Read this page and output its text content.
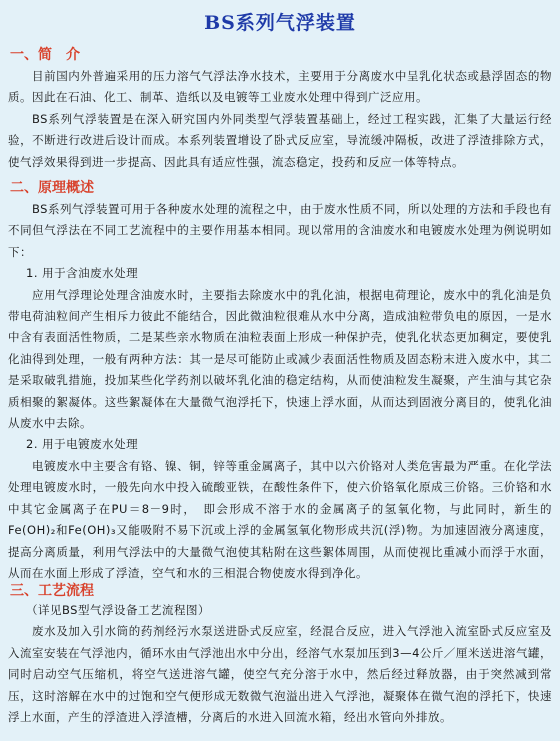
BS系列气浮装置
一、简　介

目前国内外普遍采用的压力溶气气浮法净水技术，主要用于分离废水中呈乳化状态或悬浮固态的物质。因此在石油、化工、制革、造纸以及电镀等工业废水处理中得到广泛应用。

BS系列气浮装置是在深入研究国内外同类型气浮装置基础上，经过工程实践，汇集了大量运行经验，不断进行改进后设计而成。本系列装置增设了卧式反应室，导流缓冲隔板，改进了浮渣排除方式，使气浮效果得到进一步提高、因此具有适应性强，流态稳定，投药和反应一体等特点。

二、原理概述

BS系列气浮装置可用于各种废水处理的流程之中，由于废水性质不同，所以处理的方法和手段也有不同但气浮法在不同工艺流程中的主要作用基本相同。现以常用的含油废水和电镀废水处理为例说明如下：

1. 用于含油废水处理

应用气浮理论处理含油废水时，主要指去除废水中的乳化油，根据电荷理论，废水中的乳化油是负带电荷油粒间产生相斥力彼此不能结合，因此微油粒很难从水中分离，造成油粒带负电的原因，一是水中含有表面活性物质，二是某些亲水物质在油粒表面上形成一种保护壳，使乳化状态更加稠定，要使乳化油得到处理，一般有两种方法：其一是尽可能防止或减少表面活性物质及固态粉末进入废水中，其二是采取破乳措施，投加某些化学药剂以破坏乳化油的稳定结构，从而使油粒发生凝聚，产生油与其它杂质相聚的絮凝体。这些絮凝体在大量微气泡浮托下，快速上浮水面，从而达到固液分离目的，使乳化油从废水中去除。

2. 用于电镀废水处理

电镀废水中主要含有铬、镍、铜，锌等重金属离子，其中以六价铬对人类危害最为严重。在化学法处理电镀废水时，一般先向水中投入硫酸亚铁，在酸性条件下，使六价铬氧化原成三价铬。三价铬和水中其它金属离子在PU＝8－9时，　即会形成不溶于水的金属离子的氢氧化物，与此同时，新生的Fe(OH)₂和Fe(OH)₃又能吸附不易下沉或上浮的金属氢氧化物形成共沉(浮)物。为加速固液分离速度，提高分离质量，利用气浮法中的大量微气泡使其粘附在这些絮体周围，从而使视比重减小而浮于水面，从而在水面上形成了浮渣，空气和水的三相混合物使废水得到净化。

三、工艺流程

（详见BS型气浮设备工艺流程图）

废水及加入引水筒的药剂经污水泵送进卧式反应室，经混合反应，进入气浮池入流室卧式反应室及入流室安装在气浮池内，循环水由气浮池出水中分出，经溶气水泵加压到3—4公斤／厘米送进溶气罐，同时启动空气压缩机，将空气送进溶气罐，使空气充分溶于水中，然后经过释放器，由于突然减到常压，这时溶解在水中的过饱和空气便形成无数微气泡溢出进入气浮池，凝聚体在微气泡的浮托下，快速浮上水面，产生的浮渣进入浮渣槽，分离后的水进入回流水箱，经出水管向外排放。
